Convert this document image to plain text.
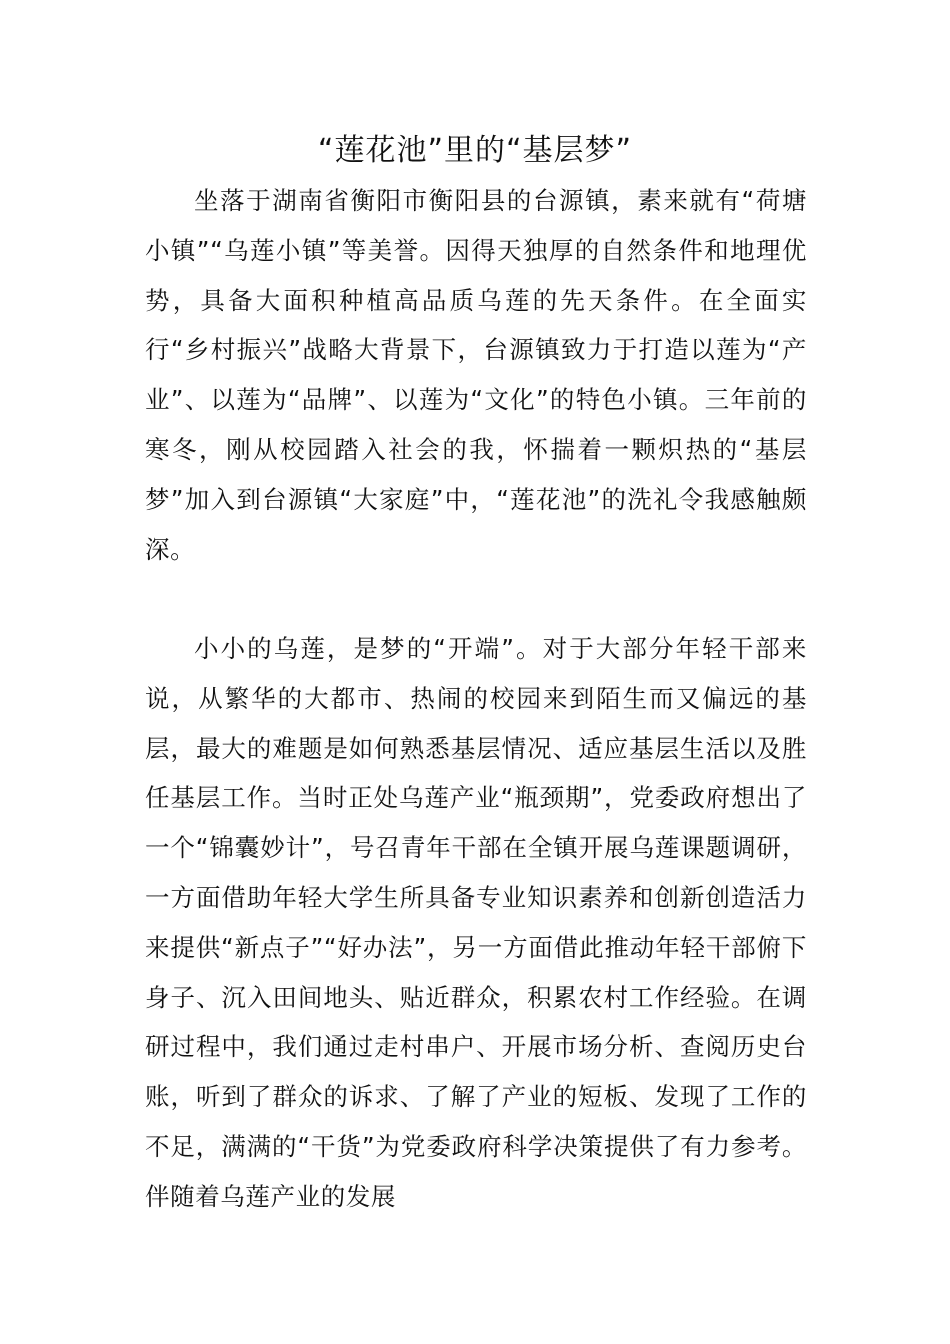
“莲花池”里的“基层梦”

坐落于湖南省衡阳市衡阳县的台源镇，素来就有“荷塘小镇”“乌莲小镇”等美誉。因得天独厚的自然条件和地理优势，具备大面积种植高品质乌莲的先天条件。在全面实行“乡村振兴”战略大背景下，台源镇致力于打造以莲为“产业”、以莲为“品牌”、以莲为“文化”的特色小镇。三年前的寒冬，刚从校园踏入社会的我，怀揣着一颗炽热的“基层梦”加入到台源镇“大家庭”中，“莲花池”的洗礼令我感触颇深。

小小的乌莲，是梦的“开端”。对于大部分年轻干部来说，从繁华的大都市、热闹的校园来到陌生而又偏远的基层，最大的难题是如何熟悉基层情况、适应基层生活以及胜任基层工作。当时正处乌莲产业“瓶颈期”，党委政府想出了一个“锦囊妙计”，号召青年干部在全镇开展乌莲课题调研，一方面借助年轻大学生所具备专业知识素养和创新创造活力来提供“新点子”“好办法”，另一方面借此推动年轻干部俯下身子、沉入田间地头、贴近群众，积累农村工作经验。在调研过程中，我们通过走村串户、开展市场分析、查阅历史台账，听到了群众的诉求、了解了产业的短板、发现了工作的不足，满满的“干货”为党委政府科学决策提供了有力参考。伴随着乌莲产业的发展
